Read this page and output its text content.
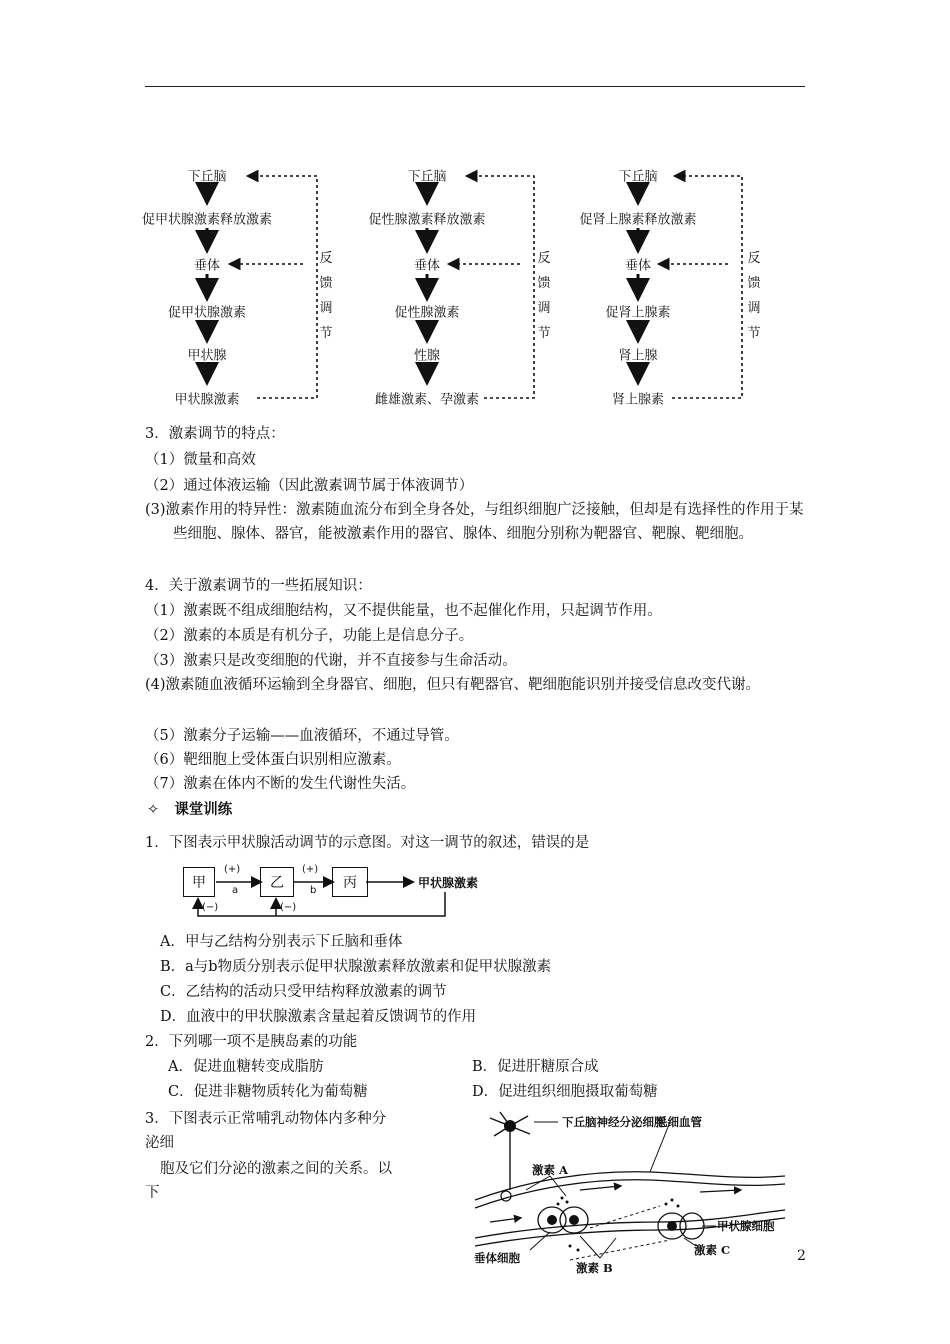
下丘脑
促甲状腺激素释放激素
垂体
促甲状腺激素
甲状腺
甲状腺激素
反馈调节
下丘脑
促性腺激素释放激素
垂体
促性腺激素
性腺
雌雄激素、孕激素
反馈调节
下丘脑
促肾上腺素释放激素
垂体
促肾上腺素
肾上腺
肾上腺素
反馈调节
3．激素调节的特点：
（1）微量和高效
（2）通过体液运输（因此激素调节属于体液调节）
(3)激素作用的特异性：激素随血流分布到全身各处，与组织细胞广泛接触，但却是有选择性的作用于某些细胞、腺体、器官，能被激素作用的器官、腺体、细胞分别称为靶器官、靶腺、靶细胞。
4．关于激素调节的一些拓展知识：
（1）激素既不组成细胞结构，又不提供能量，也不起催化作用，只起调节作用。
（2）激素的本质是有机分子，功能上是信息分子。
（3）激素只是改变细胞的代谢，并不直接参与生命活动。
(4)激素随血液循环运输到全身器官、细胞，但只有靶器官、靶细胞能识别并接受信息改变代谢。
（5）激素分子运输——血液循环，不通过导管。
（6）靶细胞上受体蛋白识别相应激素。
（7）激素在体内不断的发生代谢性失活。
✧ 课堂训练
1．下图表示甲状腺活动调节的示意图。对这一调节的叙述，错误的是
甲	乙	丙
(+)
a
(+)
b
甲状腺激素
(−)	(−)
A．甲与乙结构分别表示下丘脑和垂体
B．a与b物质分别表示促甲状腺激素释放激素和促甲状腺激素
C．乙结构的活动只受甲结构释放激素的调节
D．血液中的甲状腺激素含量起着反馈调节的作用
2．下列哪一项不是胰岛素的功能
A．促进血糖转变成脂肪	B．促进肝糖原合成
C．促进非糖物质转化为葡萄糖	D．促进组织细胞摄取葡萄糖
3．下图表示正常哺乳动物体内多种分
泌细
胞及它们分泌的激素之间的关系。以
下
下丘脑神经分泌细胞
毛细血管
激素 A
甲状腺细胞
垂体细胞
激素 B
激素 C	2
